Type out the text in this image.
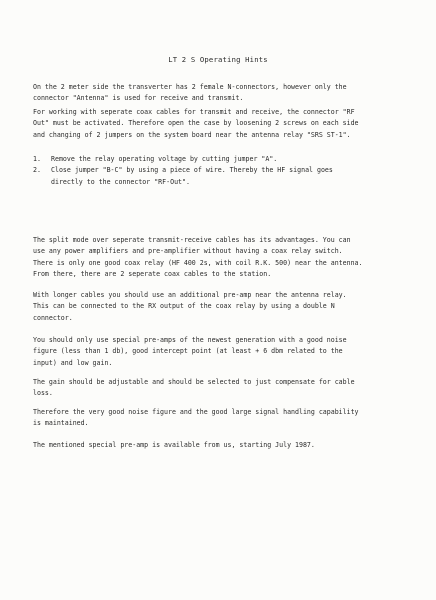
LT 2 S Operating Hints
On the 2 meter side the transverter has 2 female N-connectors, however only the
connector "Antenna" is used for receive and transmit.
For working with seperate coax cables for transmit and receive, the connector "RF
Out" must be activated. Therefore open the case by loosening 2 screws on each side
and changing of 2 jumpers on the system board near the antenna relay "SRS ST-1".
1.	Remove the relay operating voltage by cutting jumper "A".
2.	Close jumper "B-C" by using a piece of wire. Thereby the HF signal goes
directly to the connector "RF-Out".
The split mode over seperate transmit-receive cables has its advantages. You can
use any power amplifiers and pre-amplifier without having a coax relay switch.
There is only one good coax relay (HF 400 2s, with coil R.K. 500) near the antenna.
From there, there are 2 seperate coax cables to the station.
With longer cables you should use an additional pre-amp near the antenna relay.
This can be connected to the RX output of the coax relay by using a double N
connector.
You should only use special pre-amps of the newest generation with a good noise
figure (less than 1 db), good intercept point (at least + 6 dbm related to the
input) and low gain.
The gain should be adjustable and should be selected to just compensate for cable
loss.
Therefore the very good noise figure and the good large signal handling capability
is maintained.
The mentioned special pre-amp is available from us, starting July 1987.
